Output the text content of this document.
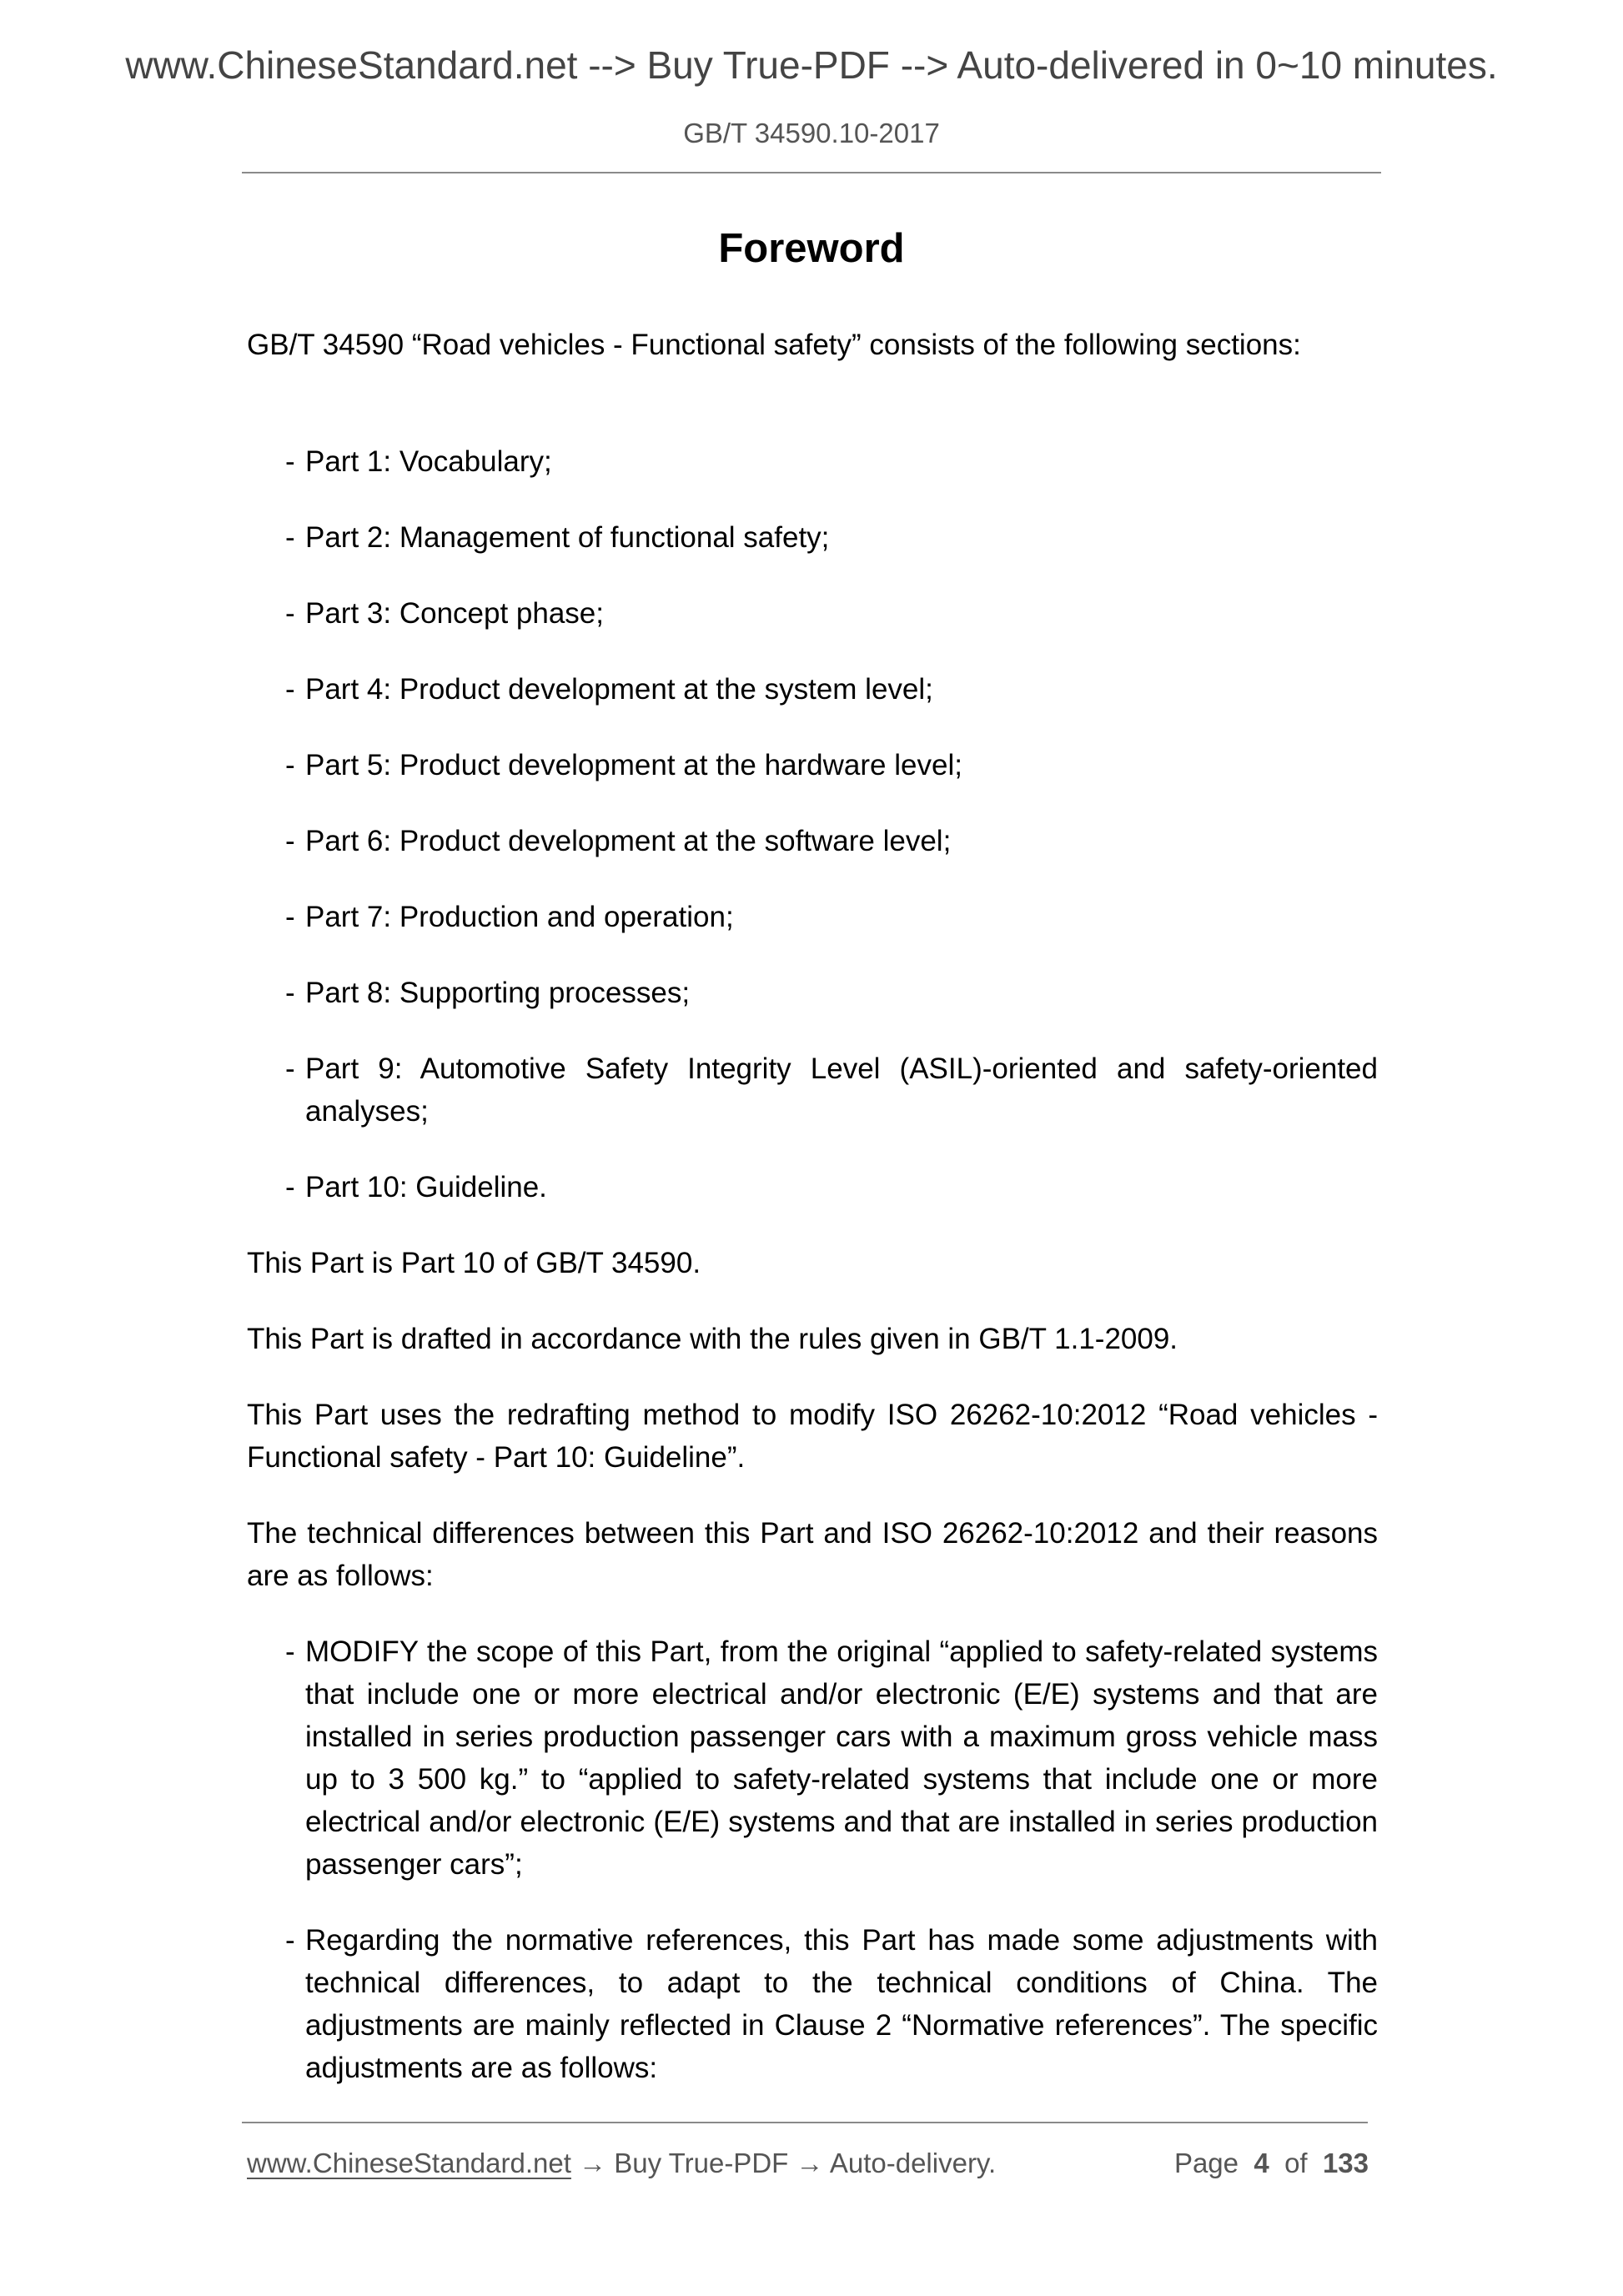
www.ChineseStandard.net --> Buy True-PDF --> Auto-delivered in 0~10 minutes.
GB/T 34590.10-2017
Foreword
GB/T 34590 “Road vehicles - Functional safety” consists of the following sections:
- Part 1: Vocabulary;
- Part 2: Management of functional safety;
- Part 3: Concept phase;
- Part 4: Product development at the system level;
- Part 5: Product development at the hardware level;
- Part 6: Product development at the software level;
- Part 7: Production and operation;
- Part 8: Supporting processes;
- Part 9: Automotive Safety Integrity Level (ASIL)-oriented and safety-oriented analyses;
- Part 10: Guideline.
This Part is Part 10 of GB/T 34590.
This Part is drafted in accordance with the rules given in GB/T 1.1-2009.
This Part uses the redrafting method to modify ISO 26262-10:2012 “Road vehicles - Functional safety - Part 10: Guideline”.
The technical differences between this Part and ISO 26262-10:2012 and their reasons are as follows:
- MODIFY the scope of this Part, from the original “applied to safety-related systems that include one or more electrical and/or electronic (E/E) systems and that are installed in series production passenger cars with a maximum gross vehicle mass up to 3 500 kg.” to “applied to safety-related systems that include one or more electrical and/or electronic (E/E) systems and that are installed in series production passenger cars”;
- Regarding the normative references, this Part has made some adjustments with technical differences, to adapt to the technical conditions of China. The adjustments are mainly reflected in Clause 2 “Normative references”. The specific adjustments are as follows:
www.ChineseStandard.net → Buy True-PDF → Auto-delivery.	Page 4 of 133
